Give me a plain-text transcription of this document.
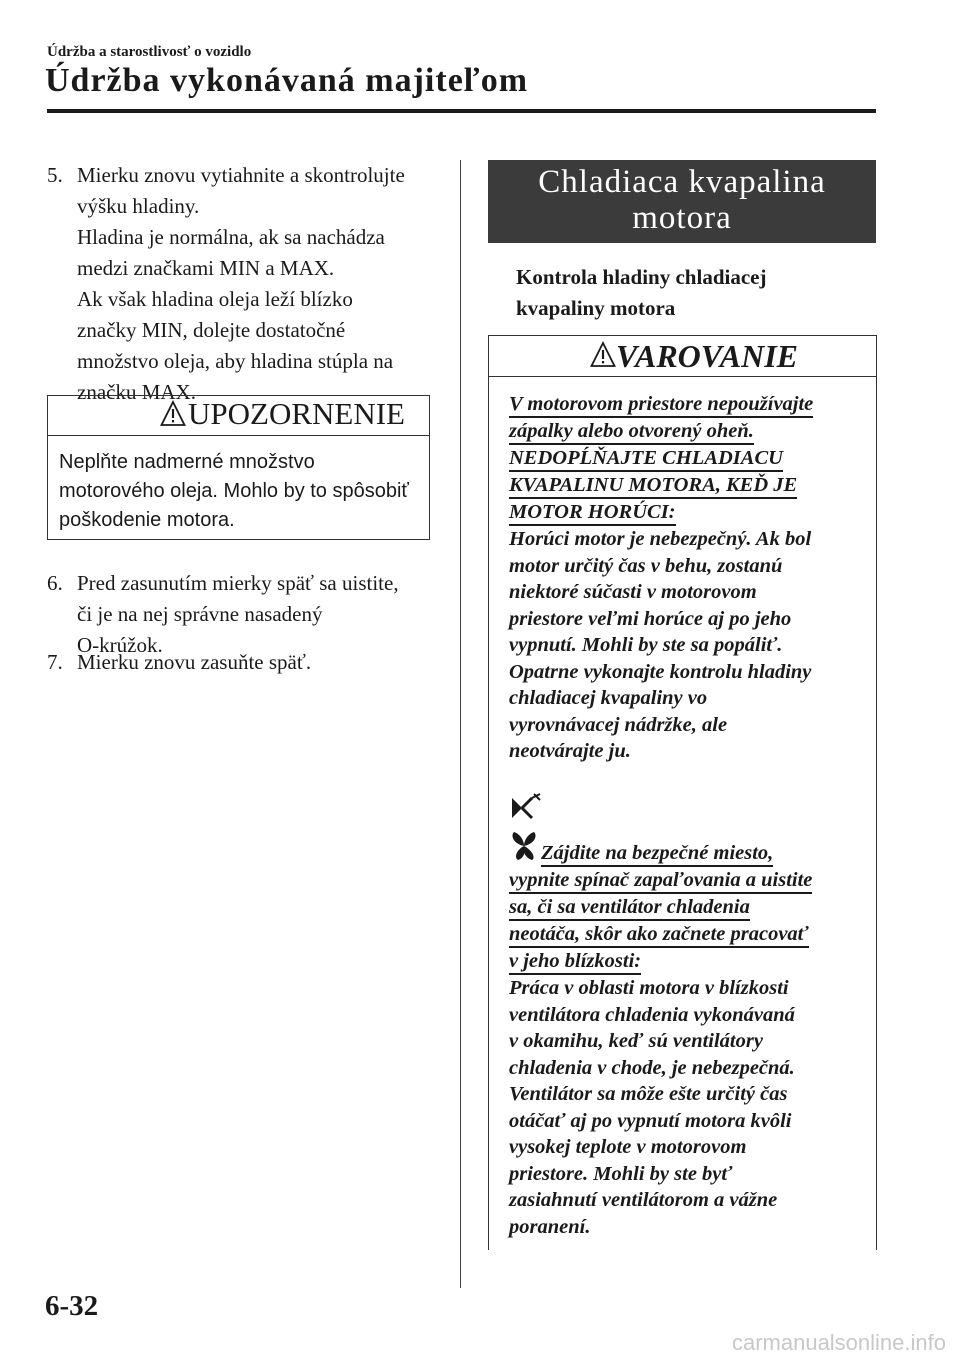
Údržba a starostlivosť o vozidlo
Údržba vykonávaná majiteľom
5. Mierku znovu vytiahnite a skontrolujte
výšku hladiny.
Hladina je normálna, ak sa nachádza
medzi značkami MIN a MAX.
Ak však hladina oleja leží blízko
značky MIN, dolejte dostatočné
množstvo oleja, aby hladina stúpla na
značku MAX.
UPOZORNENIE
Neplňte nadmerné množstvo
motorového oleja. Mohlo by to spôsobiť
poškodenie motora.
6. Pred zasunutím mierky späť sa uistite,
či je na nej správne nasadený
O-krúžok.
7. Mierku znovu zasuňte späť.
Chladiaca kvapalina
motora
Kontrola hladiny chladiacej
kvapaliny motora
VAROVANIE
V motorovom priestore nepoužívajte
zápalky alebo otvorený oheň.
NEDOPĹŇAJTE CHLADIACU
KVAPALINU MOTORA, KEĎ JE
MOTOR HORÚCI:
Horúci motor je nebezpečný. Ak bol
motor určitý čas v behu, zostanú
niektoré súčasti v motorovom
priestore veľmi horúce aj po jeho
vypnutí. Mohli by ste sa popáliť.
Opatrne vykonajte kontrolu hladiny
chladiacej kvapaliny vo
vyrovnávacej nádržke, ale
neotvárajte ju.
Zájdite na bezpečné miesto,
vypnite spínač zapaľovania a uistite
sa, či sa ventilátor chladenia
neotáča, skôr ako začnete pracovať
v jeho blízkosti:
Práca v oblasti motora v blízkosti
ventilátora chladenia vykonávaná
v okamihu, keď sú ventilátory
chladenia v chode, je nebezpečná.
Ventilátor sa môže ešte určitý čas
otáčať aj po vypnutí motora kvôli
vysokej teplote v motorovom
priestore. Mohli by ste byť
zasiahnutí ventilátorom a vážne
poranení.
6-32
carmanualsonline.info
